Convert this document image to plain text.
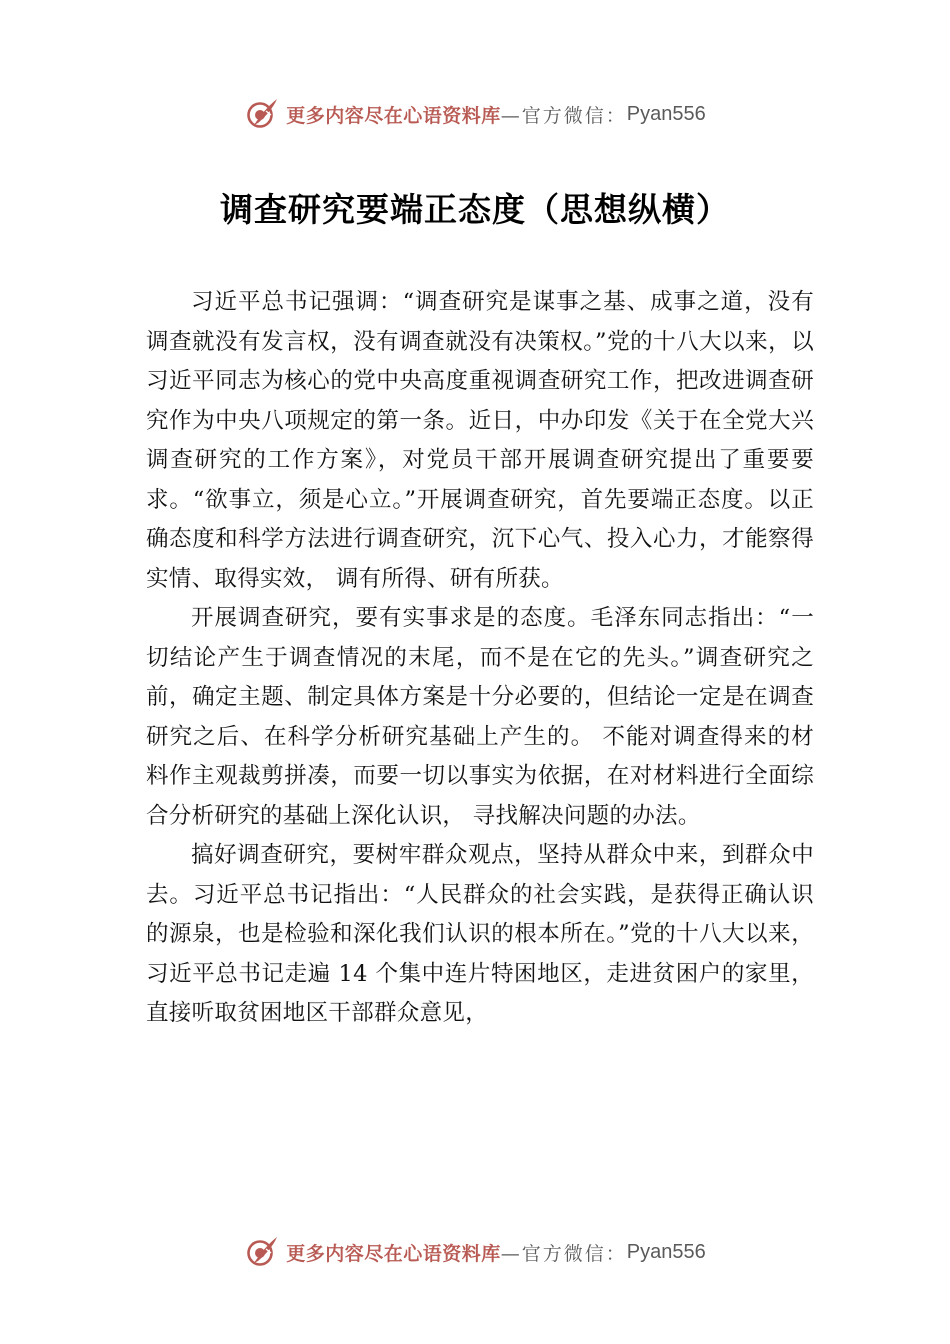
更多内容尽在心语资料库 —官方微信： Pyan556
调查研究要端正态度（思想纵横）

习近平总书记强调：“调查研究是谋事之基、成事之道，没有调查就没有发言权，没有调查就没有决策权。”党的十八大以来，以习近平同志为核心的党中央高度重视调查研究工作，把改进调查研究作为中央八项规定的第一条。近日，中办印发《关于在全党大兴调查研究的工作方案》，对党员干部开展调查研究提出了重要要求。“欲事立，须是心立。”开展调查研究，首先要端正态度。以正确态度和科学方法进行调查研究，沉下心气、投入心力，才能察得实情、取得实效， 调有所得、研有所获。

开展调查研究，要有实事求是的态度。毛泽东同志指出：“一切结论产生于调查情况的末尾，而不是在它的先头。”调查研究之前，确定主题、制定具体方案是十分必要的，但结论一定是在调查研究之后、在科学分析研究基础上产生的。 不能对调查得来的材料作主观裁剪拼凑，而要一切以事实为依据，在对材料进行全面综合分析研究的基础上深化认识， 寻找解决问题的办法。

搞好调查研究，要树牢群众观点，坚持从群众中来，到群众中去。习近平总书记指出：“人民群众的社会实践，是获得正确认识的源泉，也是检验和深化我们认识的根本所在。”党的十八大以来，习近平总书记走遍 14 个集中连片特困地区，走进贫困户的家里，直接听取贫困地区干部群众意见，

更多内容尽在心语资料库 —官方微信： Pyan556
